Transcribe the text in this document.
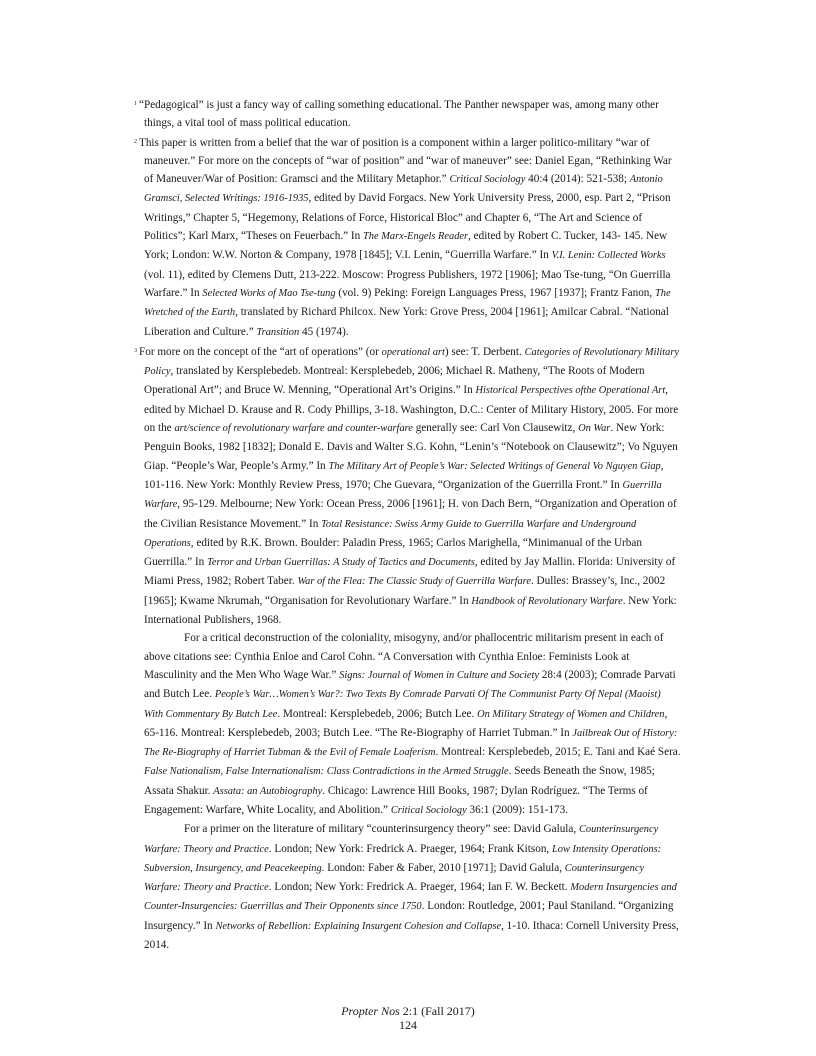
$^1$ “Pedagogical” is just a fancy way of calling something educational. The Panther newspaper was, among many other things, a vital tool of mass political education.

$^2$ This paper is written from a belief that the war of position is a component within a larger politico-military “war of maneuver.” For more on the concepts of “war of position” and “war of maneuver” see: Daniel Egan, “Rethinking War of Maneuver/War of Position: Gramsci and the Military Metaphor.” Critical Sociology 40:4 (2014): 521-538; Antonio Gramsci, Selected Writings: 1916-1935, edited by David Forgacs. New York University Press, 2000, esp. Part 2, “Prison Writings,” Chapter 5, “Hegemony, Relations of Force, Historical Bloc” and Chapter 6, “The Art and Science of Politics”; Karl Marx, “Theses on Feuerbach.” In The Marx-Engels Reader, edited by Robert C. Tucker, 143- 145. New York; London: W.W. Norton & Company, 1978 [1845]; V.I. Lenin, “Guerrilla Warfare.” In V.I. Lenin: Collected Works (vol. 11), edited by Clemens Dutt, 213-222. Moscow: Progress Publishers, 1972 [1906]; Mao Tse-tung, “On Guerrilla Warfare.” In Selected Works of Mao Tse-tung (vol. 9) Peking: Foreign Languages Press, 1967 [1937]; Frantz Fanon, The Wretched of the Earth, translated by Richard Philcox. New York: Grove Press, 2004 [1961]; Amilcar Cabral. “National Liberation and Culture.” Transition 45 (1974).

$^3$ For more on the concept of the “art of operations” (or operational art) see: T. Derbent. Categories of Revolutionary Military Policy, translated by Kersplebedeb. Montreal: Kersplebedeb, 2006; Michael R. Matheny, “The Roots of Modern Operational Art”; and Bruce W. Menning, “Operational Art’s Origins.” In Historical Perspectives ofthe Operational Art, edited by Michael D. Krause and R. Cody Phillips, 3-18. Washington, D.C.: Center of Military History, 2005. For more on the art/science of revolutionary warfare and counter-warfare generally see: Carl Von Clausewitz, On War. New York: Penguin Books, 1982 [1832]; Donald E. Davis and Walter S.G. Kohn, “Lenin’s “Notebook on Clausewitz”; Vo Nguyen Giap. “People’s War, People’s Army.” In The Military Art of People’s War: Selected Writings of General Vo Nguyen Giap, 101-116. New York: Monthly Review Press, 1970; Che Guevara, “Organization of the Guerrilla Front.” In Guerrilla Warfare, 95-129. Melbourne; New York: Ocean Press, 2006 [1961]; H. von Dach Bern, “Organization and Operation of the Civilian Resistance Movement.” In Total Resistance: Swiss Army Guide to Guerrilla Warfare and Underground Operations, edited by R.K. Brown. Boulder: Paladin Press, 1965; Carlos Marighella, “Minimanual of the Urban Guerrilla.” In Terror and Urban Guerrillas: A Study of Tactics and Documents, edited by Jay Mallin. Florida: University of Miami Press, 1982; Robert Taber. War of the Flea: The Classic Study of Guerrilla Warfare. Dulles: Brassey’s, Inc., 2002 [1965]; Kwame Nkrumah, “Organisation for Revolutionary Warfare.” In Handbook of Revolutionary Warfare. New York: International Publishers, 1968.

For a critical deconstruction of the coloniality, misogyny, and/or phallocentric militarism present in each of above citations see: Cynthia Enloe and Carol Cohn. “A Conversation with Cynthia Enloe: Feminists Look at Masculinity and the Men Who Wage War.” Signs: Journal of Women in Culture and Society 28:4 (2003); Comrade Parvati and Butch Lee. People’s War…Women’s War?: Two Texts By Comrade Parvati Of The Communist Party Of Nepal (Maoist) With Commentary By Butch Lee. Montreal: Kersplebedeb, 2006; Butch Lee. On Military Strategy of Women and Children, 65-116. Montreal: Kersplebedeb, 2003; Butch Lee. “The Re-Biography of Harriet Tubman.” In Jailbreak Out of History: The Re-Biography of Harriet Tubman & the Evil of Female Loaferism. Montreal: Kersplebedeb, 2015; E. Tani and Kaé Sera. False Nationalism, False Internationalism: Class Contradictions in the Armed Struggle. Seeds Beneath the Snow, 1985; Assata Shakur. Assata: an Autobiography. Chicago: Lawrence Hill Books, 1987; Dylan Rodríguez. “The Terms of Engagement: Warfare, White Locality, and Abolition.” Critical Sociology 36:1 (2009): 151-173.

For a primer on the literature of military “counterinsurgency theory” see: David Galula, Counterinsurgency Warfare: Theory and Practice. London; New York: Fredrick A. Praeger, 1964; Frank Kitson, Low Intensity Operations: Subversion, Insurgency, and Peacekeeping. London: Faber & Faber, 2010 [1971]; David Galula, Counterinsurgency Warfare: Theory and Practice. London; New York: Fredrick A. Praeger, 1964; Ian F. W. Beckett. Modern Insurgencies and Counter-Insurgencies: Guerrillas and Their Opponents since 1750. London: Routledge, 2001; Paul Staniland. “Organizing Insurgency.” In Networks of Rebellion: Explaining Insurgent Cohesion and Collapse, 1-10. Ithaca: Cornell University Press, 2014.

Propter Nos 2:1 (Fall 2017)
124
